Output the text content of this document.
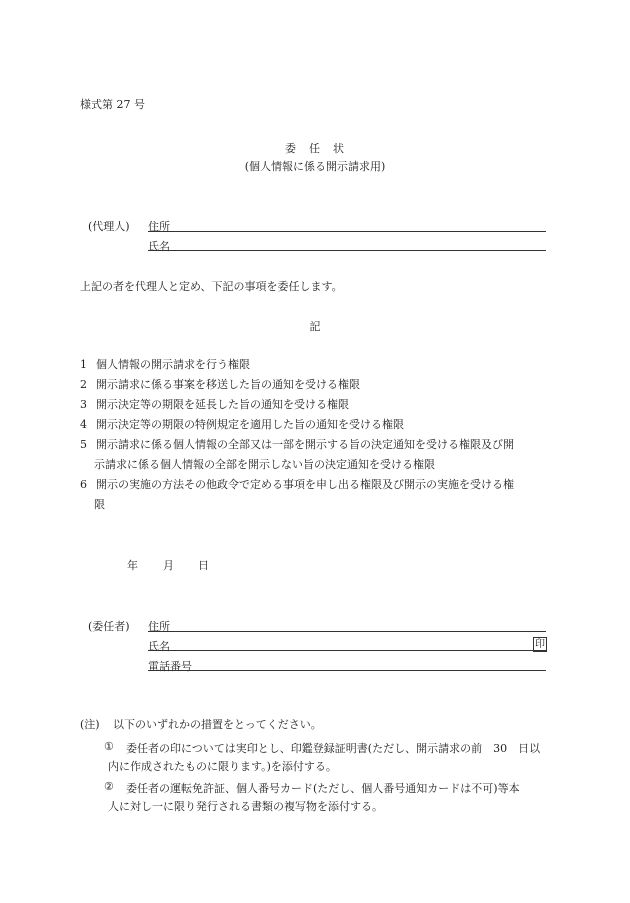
様式第 27 号
委　任　状
(個人情報に係る開示請求用)
(代理人) 住所
氏名
上記の者を代理人と定め、下記の事項を委任します。
記
1 個人情報の開示請求を行う権限
2 開示請求に係る事案を移送した旨の通知を受ける権限
3 開示決定等の期限を延長した旨の通知を受ける権限
4 開示決定等の期限の特例規定を適用した旨の通知を受ける権限
5 開示請求に係る個人情報の全部又は一部を開示する旨の決定通知を受ける権限及び開
示請求に係る個人情報の全部を開示しない旨の決定通知を受ける権限
6 開示の実施の方法その他政令で定める事項を申し出る権限及び開示の実施を受ける権
限
年 月 日
(委任者) 住所
氏名	印
電話番号
(注) 以下のいずれかの措置をとってください。
① 委任者の印については実印とし、印鑑登録証明書(ただし、開示請求の前　30　日以
内に作成されたものに限ります。)を添付する。
② 委任者の運転免許証、個人番号カード(ただし、個人番号通知カードは不可)等本
人に対し一に限り発行される書類の複写物を添付する。
